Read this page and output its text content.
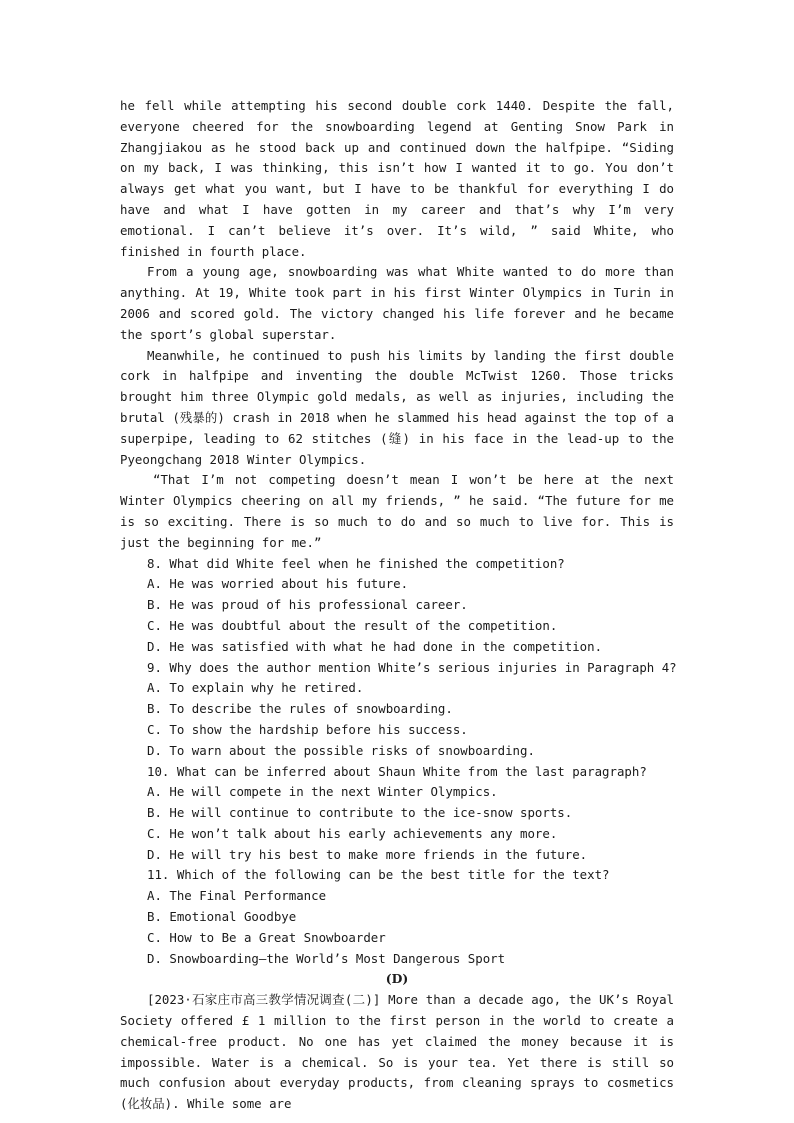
he fell while attempting his second double cork 1440. Despite the fall, everyone cheered for the snowboarding legend at Genting Snow Park in Zhangjiakou as he stood back up and continued down the halfpipe. “Siding on my back, I was thinking, this isn’t how I wanted it to go. You don’t always get what you want, but I have to be thankful for everything I do have and what I have gotten in my career and that’s why I’m very emotional. I can’t believe it’s over. It’s wild, ” said White, who finished in fourth place.

From a young age, snowboarding was what White wanted to do more than anything. At 19, White took part in his first Winter Olympics in Turin in 2006 and scored gold. The victory changed his life forever and he became the sport’s global superstar.

Meanwhile, he continued to push his limits by landing the first double cork in halfpipe and inventing the double McTwist 1260. Those tricks brought him three Olympic gold medals, as well as injuries, including the brutal (残暴的) crash in 2018 when he slammed his head against the top of a superpipe, leading to 62 stitches (缝) in his face in the lead-up to the Pyeongchang 2018 Winter Olympics.

“That I’m not competing doesn’t mean I won’t be here at the next Winter Olympics cheering on all my friends, ” he said. “The future for me is so exciting. There is so much to do and so much to live for. This is just the beginning for me.”

8. What did White feel when he finished the competition?

A. He was worried about his future.

B. He was proud of his professional career.

C. He was doubtful about the result of the competition.

D. He was satisfied with what he had done in the competition.

9. Why does the author mention White’s serious injuries in Paragraph 4?

A. To explain why he retired.

B. To describe the rules of snowboarding.

C. To show the hardship before his success.

D. To warn about the possible risks of snowboarding.

10. What can be inferred about Shaun White from the last paragraph?

A. He will compete in the next Winter Olympics.

B. He will continue to contribute to the ice-snow sports.

C. He won’t talk about his early achievements any more.

D. He will try his best to make more friends in the future.

11. Which of the following can be the best title for the text?

A. The Final Performance

B. Emotional Goodbye

C. How to Be a Great Snowboarder

D. Snowboarding—the World’s Most Dangerous Sport

(D)

[2023·石家庄市高三教学情况调查(二)] More than a decade ago, the UK’s Royal Society offered £ 1 million to the first person in the world to create a chemical-free product. No one has yet claimed the money because it is impossible. Water is a chemical. So is your tea. Yet there is still so much confusion about everyday products, from cleaning sprays to cosmetics (化妆品). While some are
